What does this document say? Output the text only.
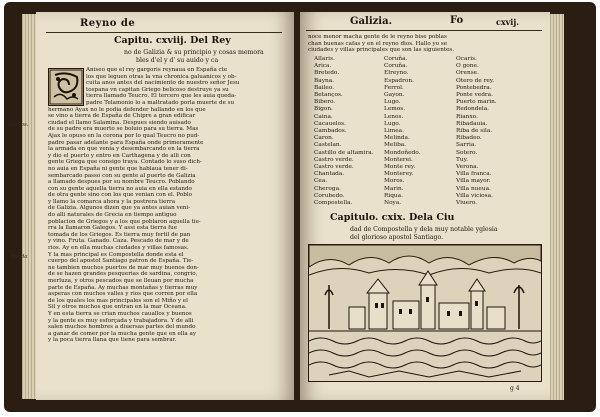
Reyno de
Capitu. cxviij. Del Rey
no de Galizia & su principio y cosas memora
bles d'el y d' su auido y ca

Aniseo que el rey gargoris reynaua en España cte

los que leguen otras la vna chronica galuanicos y ob-

cuita anos antes del nacimiento de nuestro señor Jesu

tospana vn capitan Griego belicoso destruye ya su

tierra llamado Teucro. El tercero que les auia queda-

padre Telamonio lo a maltratado porla muerte de su

hermano Ayax no le podia defender hallando en los que

se vino a tierra de España de Chipre a gran edificar

ciudad el llamo Salamina. Despues siendo auisado

de su padre era muerto se boluio para su tierra. Mas

Ajax le opuso en la corona por lo qual Teucro no pud-

padre pasar adelante para España onde primeramente

la armada en que venia y desembarcando en la tierra

y dio el puerto y entro en Carthagena y de alli con

gente Griega que consigo traya. Contado lo suso dich-

no auia en España ni gente que hablaua tener di-

sembarcado passo con su gente al puerto de Galizia

a llamado despues por su nombre Teucro. Poblando

con su gente aquella tierra no auia en ella estando

de otra gente sino con los que venian con el. Poblo

y llamo la comarca ahora y la postrera tierra

de Galizia. Algunos dizen que ya antes auian veni-

do alli naturales de Grecia en tiempo antiguo

poblacion de Griegos y a los que poblaron aquella tie-

rra la llamaron Galegos. Y assi esta tierra fue

tomada de los Griegos. Es tierra muy fertil de pan

y vino. Fruta. Ganado. Caza. Pescado de mar y de

rios. Ay en ella muchas ciudades y villas famosas.

Y la mas principal es Compostella donde esta el

cuerpo del apostol Santiago patron de España. Tie-

ne tambien muchos puertos de mar muy buenos don-

de se hazen grandes pesquerias de sardina, congrio,

merluza, y otros pescados que se lleuan por mucha

parte de España. Ay muchas montañas y tierras muy

asperas con muchos valles y rios que corren por ella

de los quales los mas principales son el Miño y el

Sil y otros muchos que entran en la mar Oceana.

Y en esta tierra se crian muchos cauallos y buenos

y la gente es muy esforçada y trabajadora. Y de alli

salen muchos hombres a diuersas partes del mundo

a ganar de comer por la mucha gente que en ella ay

y la poca tierra llana que tiene para sembrar.

Bolbos.
Mioda
Galizia.	Fo	cxvij.

noce menor macha gente de le reyno bise poblas

chan buenas cafas y en el reyno dios. Hallo yo se

ciudades y villas principales que son las siguientes.

Allaris.
Arica.
Bretedo.
Bayna.
Baileo.
Betanços.
Bibero.
Bigon.
Caina.
Cacauelos.
Cambados.
Caron.
Castelan.
Castillo de altamira.
Castro verde.
Castro verde.
Chantada.
Cea.
Cheroga.
Corubedo.
Compostella.
Coruña.
Coruña.
Elreyno.
Espadron.
Ferrol.
Gayon.
Lugo.
Lemos.
Lenos.
Lugo.
Limea.
Melinda.
Meliba.
Mondoñedo.
Monterei.
Monte rey.
Monterey.
Moros.
Marin.
Riqua.
Noya.
Ocaris.
O gone.
Orense.
Otero de rey.
Pontebedra.
Ponte vedra.
Puerto marin.
Redondela.
Rianxo.
Ribadauia.
Riba de sila.
Ribadeo.
Sarria.
Sotero.
Tuy.
Verona.
Villa franca.
Villa mayor.
Villa nueua.
Villa viciosa.
Viuero.
Capitulo. cxix. Dela Ciu
dad de Compostella y dela muy notable yglesia
del glorioso apostol Santiago.
g 4
